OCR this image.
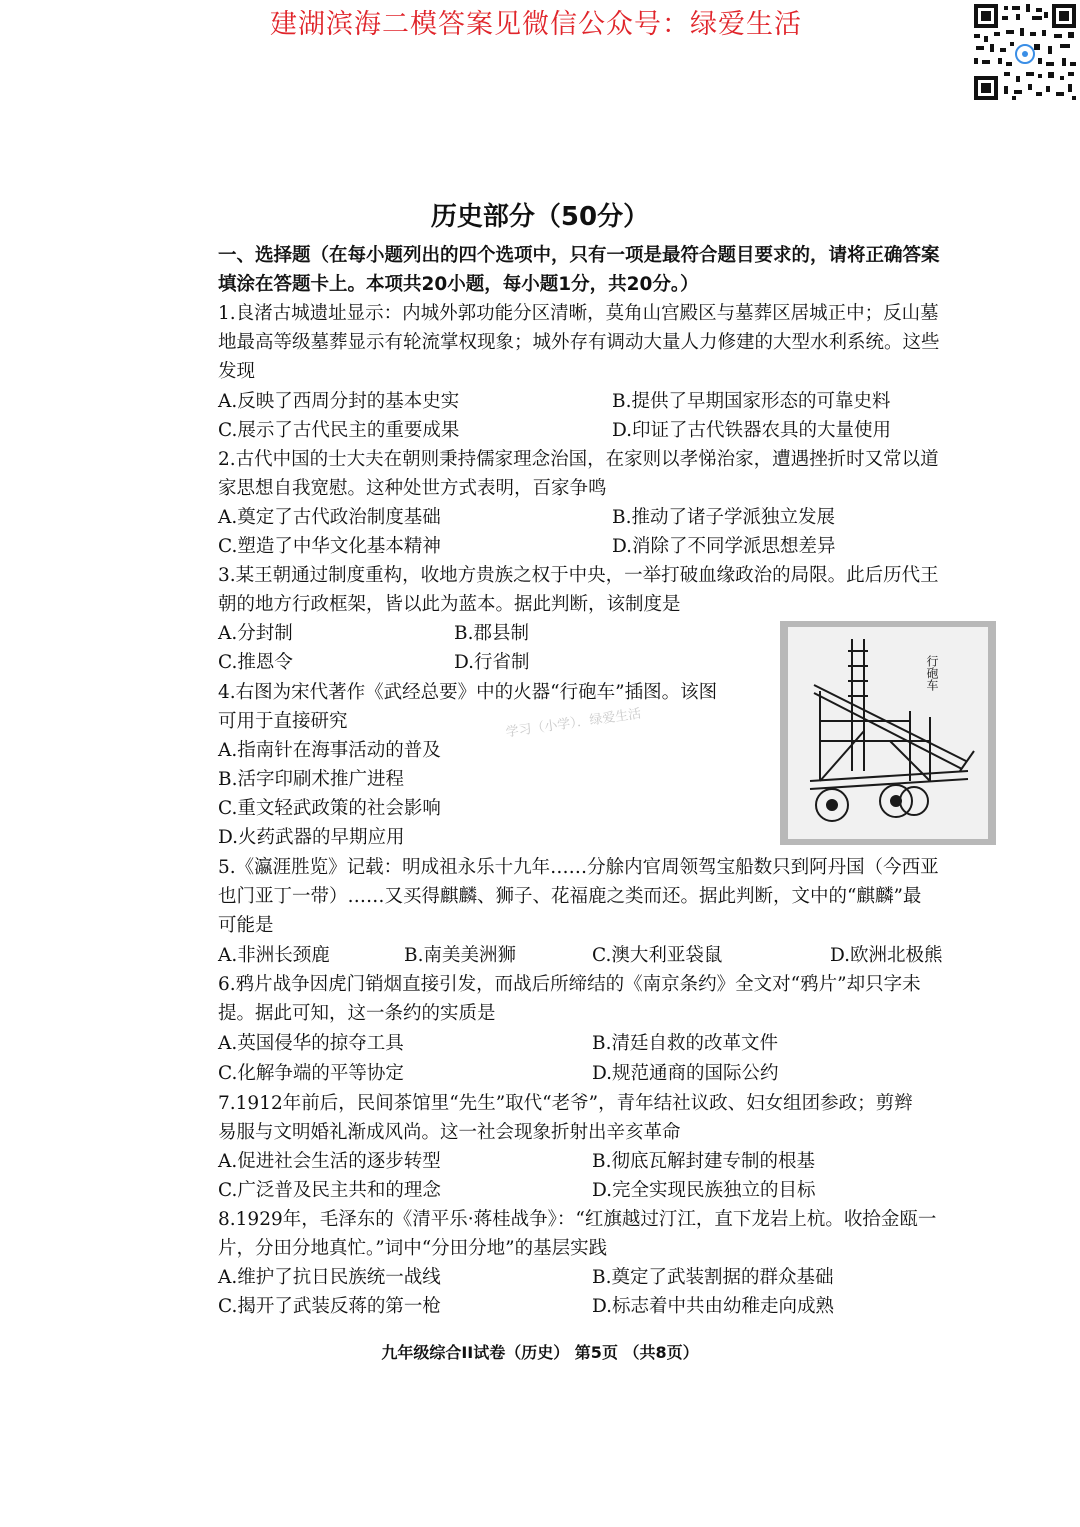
建湖滨海二模答案见微信公众号：绿爱生活
历史部分（50分）
一、选择题（在每小题列出的四个选项中，只有一项是最符合题目要求的，请将正确答案
填涂在答题卡上。本项共20小题，每小题1分，共20分。）
1.良渚古城遗址显示：内城外郭功能分区清晰，莫角山宫殿区与墓葬区居城正中；反山墓
地最高等级墓葬显示有轮流掌权现象；城外存有调动大量人力修建的大型水利系统。这些
发现
A.反映了西周分封的基本史实	B.提供了早期国家形态的可靠史料
C.展示了古代民主的重要成果	D.印证了古代铁器农具的大量使用
2.古代中国的士大夫在朝则秉持儒家理念治国，在家则以孝悌治家，遭遇挫折时又常以道
家思想自我宽慰。这种处世方式表明，百家争鸣
A.奠定了古代政治制度基础	B.推动了诸子学派独立发展
C.塑造了中华文化基本精神	D.消除了不同学派思想差异
3.某王朝通过制度重构，收地方贵族之权于中央，一举打破血缘政治的局限。此后历代王
朝的地方行政框架，皆以此为蓝本。据此判断，该制度是
A.分封制	B.郡县制
C.推恩令	D.行省制
4.右图为宋代著作《武经总要》中的火器“行砲车”插图。该图
可用于直接研究
A.指南针在海事活动的普及
B.活字印刷术推广进程
C.重文轻武政策的社会影响
D.火药武器的早期应用
学习（小学）．绿爱生活
行砲车
5.《瀛涯胜览》记载：明成祖永乐十九年……分艅内官周领驾宝船数只到阿丹国（今西亚
也门亚丁一带）……又买得麒麟、狮子、花福鹿之类而还。据此判断，文中的“麒麟”最
可能是
A.非洲长颈鹿	B.南美美洲狮	C.澳大利亚袋鼠	D.欧洲北极熊
6.鸦片战争因虎门销烟直接引发，而战后所缔结的《南京条约》全文对“鸦片”却只字未
提。据此可知，这一条约的实质是
A.英国侵华的掠夺工具	B.清廷自救的改革文件
C.化解争端的平等协定	D.规范通商的国际公约
7.1912年前后，民间茶馆里“先生”取代“老爷”，青年结社议政、妇女组团参政；剪辫
易服与文明婚礼渐成风尚。这一社会现象折射出辛亥革命
A.促进社会生活的逐步转型	B.彻底瓦解封建专制的根基
C.广泛普及民主共和的理念	D.完全实现民族独立的目标
8.1929年，毛泽东的《清平乐·蒋桂战争》：“红旗越过汀江，直下龙岩上杭。收拾金瓯一
片，分田分地真忙。”词中“分田分地”的基层实践
A.维护了抗日民族统一战线	B.奠定了武装割据的群众基础
C.揭开了武装反蒋的第一枪	D.标志着中共由幼稚走向成熟
九年级综合II试卷（历史） 第5页 （共8页）
